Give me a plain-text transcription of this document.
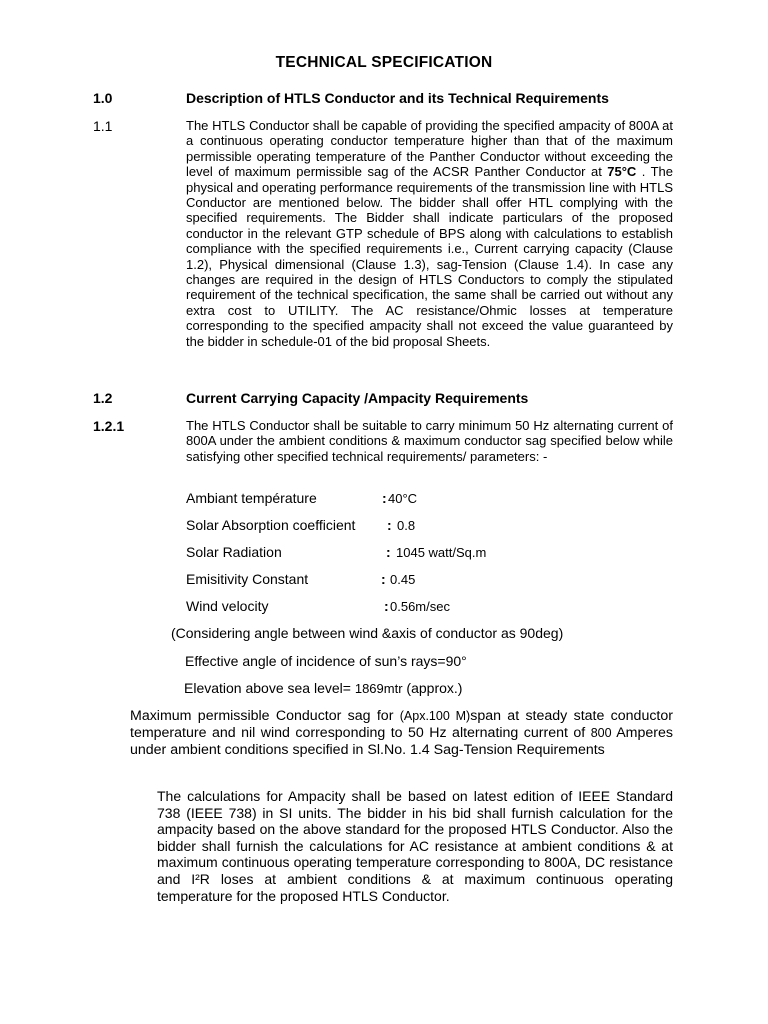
TECHNICAL SPECIFICATION
1.0	Description of HTLS Conductor and its Technical Requirements
1.1	The HTLS Conductor shall be capable of providing the specified ampacity of 800A at a continuous operating conductor temperature higher than that of the maximum permissible operating temperature of the Panther Conductor without exceeding the level of maximum permissible sag of the ACSR Panther Conductor at 75°C . The physical and operating performance requirements of the transmission line with HTLS Conductor are mentioned below. The bidder shall offer HTL complying with the specified requirements. The Bidder shall indicate particulars of the proposed conductor in the relevant GTP schedule of BPS along with calculations to establish compliance with the specified requirements i.e., Current carrying capacity (Clause 1.2), Physical dimensional (Clause 1.3), sag-Tension (Clause 1.4). In case any changes are required in the design of HTLS Conductors to comply the stipulated requirement of the technical specification, the same shall be carried out without any extra cost to UTILITY. The AC resistance/Ohmic losses at temperature corresponding to the specified ampacity shall not exceed the value guaranteed by the bidder in schedule-01 of the bid proposal Sheets.
1.2	Current Carrying Capacity /Ampacity Requirements
1.2.1	The HTLS Conductor shall be suitable to carry minimum 50 Hz alternating current of 800A under the ambient conditions & maximum conductor sag specified below while satisfying other specified technical requirements/ parameters: -
Ambiant température	: 40°C
Solar Absorption coefficient : 0.8
Solar Radiation	: 1045 watt/Sq.m
Emisitivity Constant	: 0.45
Wind velocity	: 0.56m/sec
(Considering angle between wind &axis of conductor as 90deg)
Effective angle of incidence of sun’s rays=90°
Elevation above sea level= 1869mtr (approx.)
Maximum permissible Conductor sag for (Apx.100 M)span at steady state conductor temperature and nil wind corresponding to 50 Hz alternating current of 800 Amperes under ambient conditions specified in Sl.No. 1.4 Sag-Tension Requirements
The calculations for Ampacity shall be based on latest edition of IEEE Standard 738 (IEEE 738) in SI units. The bidder in his bid shall furnish calculation for the ampacity based on the above standard for the proposed HTLS Conductor. Also the bidder shall furnish the calculations for AC resistance at ambient conditions & at maximum continuous operating temperature corresponding to 800A, DC resistance and I²R loses at ambient conditions & at maximum continuous operating temperature for the proposed HTLS Conductor.
